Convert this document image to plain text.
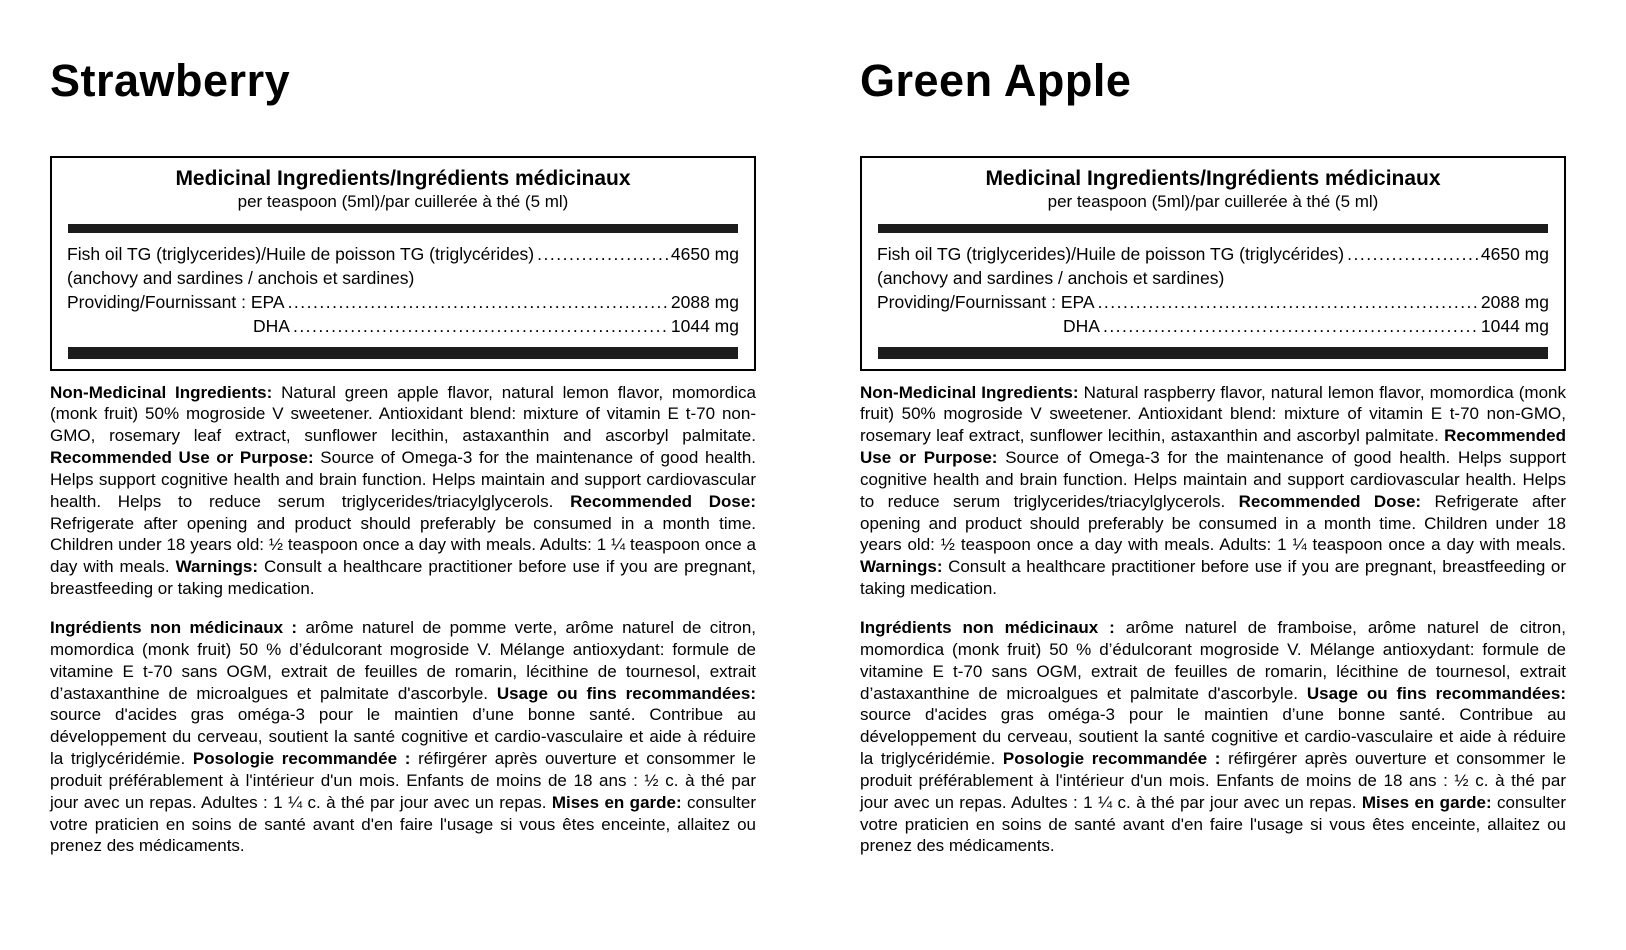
Strawberry
Medicinal Ingredients/Ingrédients médicinaux
per teaspoon (5ml)/par cuillerée à thé (5 ml)
Fish oil TG (triglycerides)/Huile de poisson TG (triglycérides) .....	4650 mg
(anchovy and sardines / anchois et sardines)
Providing/Fournissant : EPA .....	2088 mg
DHA .....	1044 mg

Non-Medicinal Ingredients: Natural green apple flavor, natural lemon flavor, momordica (monk fruit) 50% mogroside V sweetener. Antioxidant blend: mixture of vitamin E t-70 non-GMO, rosemary leaf extract, sunflower lecithin, astaxanthin and ascorbyl palmitate. Recommended Use or Purpose: Source of Omega-3 for the maintenance of good health. Helps support cognitive health and brain function. Helps maintain and support cardiovascular health. Helps to reduce serum triglycerides/triacylglycerols. Recommended Dose: Refrigerate after opening and product should preferably be consumed in a month time. Children under 18 years old: ½ teaspoon once a day with meals. Adults: 1 ¼ teaspoon once a day with meals. Warnings: Consult a healthcare practitioner before use if you are pregnant, breastfeeding or taking medication.

Ingrédients non médicinaux : arôme naturel de pomme verte, arôme naturel de citron, momordica (monk fruit) 50 % d’édulcorant mogroside V. Mélange antioxydant: formule de vitamine E t-70 sans OGM, extrait de feuilles de romarin, lécithine de tournesol, extrait d’astaxanthine de microalgues et palmitate d'ascorbyle. Usage ou fins recommandées: source d'acides gras oméga-3 pour le maintien d’une bonne santé. Contribue au développement du cerveau, soutient la santé cognitive et cardio-vasculaire et aide à réduire la triglycéridémie. Posologie recommandée : réfirgérer après ouverture et consommer le produit préférablement à l'intérieur d'un mois. Enfants de moins de 18 ans : ½ c. à thé par jour avec un repas. Adultes : 1 ¼ c. à thé par jour avec un repas. Mises en garde: consulter votre praticien en soins de santé avant d'en faire l'usage si vous êtes enceinte, allaitez ou prenez des médicaments.

Green Apple
Medicinal Ingredients/Ingrédients médicinaux
per teaspoon (5ml)/par cuillerée à thé (5 ml)
Fish oil TG (triglycerides)/Huile de poisson TG (triglycérides) .....	4650 mg
(anchovy and sardines / anchois et sardines)
Providing/Fournissant : EPA .....	2088 mg
DHA .....	1044 mg

Non-Medicinal Ingredients: Natural raspberry flavor, natural lemon flavor, momordica (monk fruit) 50% mogroside V sweetener. Antioxidant blend: mixture of vitamin E t-70 non-GMO, rosemary leaf extract, sunflower lecithin, astaxanthin and ascorbyl palmitate. Recommended Use or Purpose: Source of Omega-3 for the maintenance of good health. Helps support cognitive health and brain function. Helps maintain and support cardiovascular health. Helps to reduce serum triglycerides/triacylglycerols. Recommended Dose: Refrigerate after opening and product should preferably be consumed in a month time. Children under 18 years old: ½ teaspoon once a day with meals. Adults: 1 ¼ teaspoon once a day with meals. Warnings: Consult a healthcare practitioner before use if you are pregnant, breastfeeding or taking medication.

Ingrédients non médicinaux : arôme naturel de framboise, arôme naturel de citron, momordica (monk fruit) 50 % d’édulcorant mogroside V. Mélange antioxydant: formule de vitamine E t-70 sans OGM, extrait de feuilles de romarin, lécithine de tournesol, extrait d’astaxanthine de microalgues et palmitate d'ascorbyle. Usage ou fins recommandées: source d'acides gras oméga-3 pour le maintien d’une bonne santé. Contribue au développement du cerveau, soutient la santé cognitive et cardio-vasculaire et aide à réduire la triglycéridémie. Posologie recommandée : réfirgérer après ouverture et consommer le produit préférablement à l'intérieur d'un mois. Enfants de moins de 18 ans : ½ c. à thé par jour avec un repas. Adultes : 1 ¼ c. à thé par jour avec un repas. Mises en garde: consulter votre praticien en soins de santé avant d'en faire l'usage si vous êtes enceinte, allaitez ou prenez des médicaments.
